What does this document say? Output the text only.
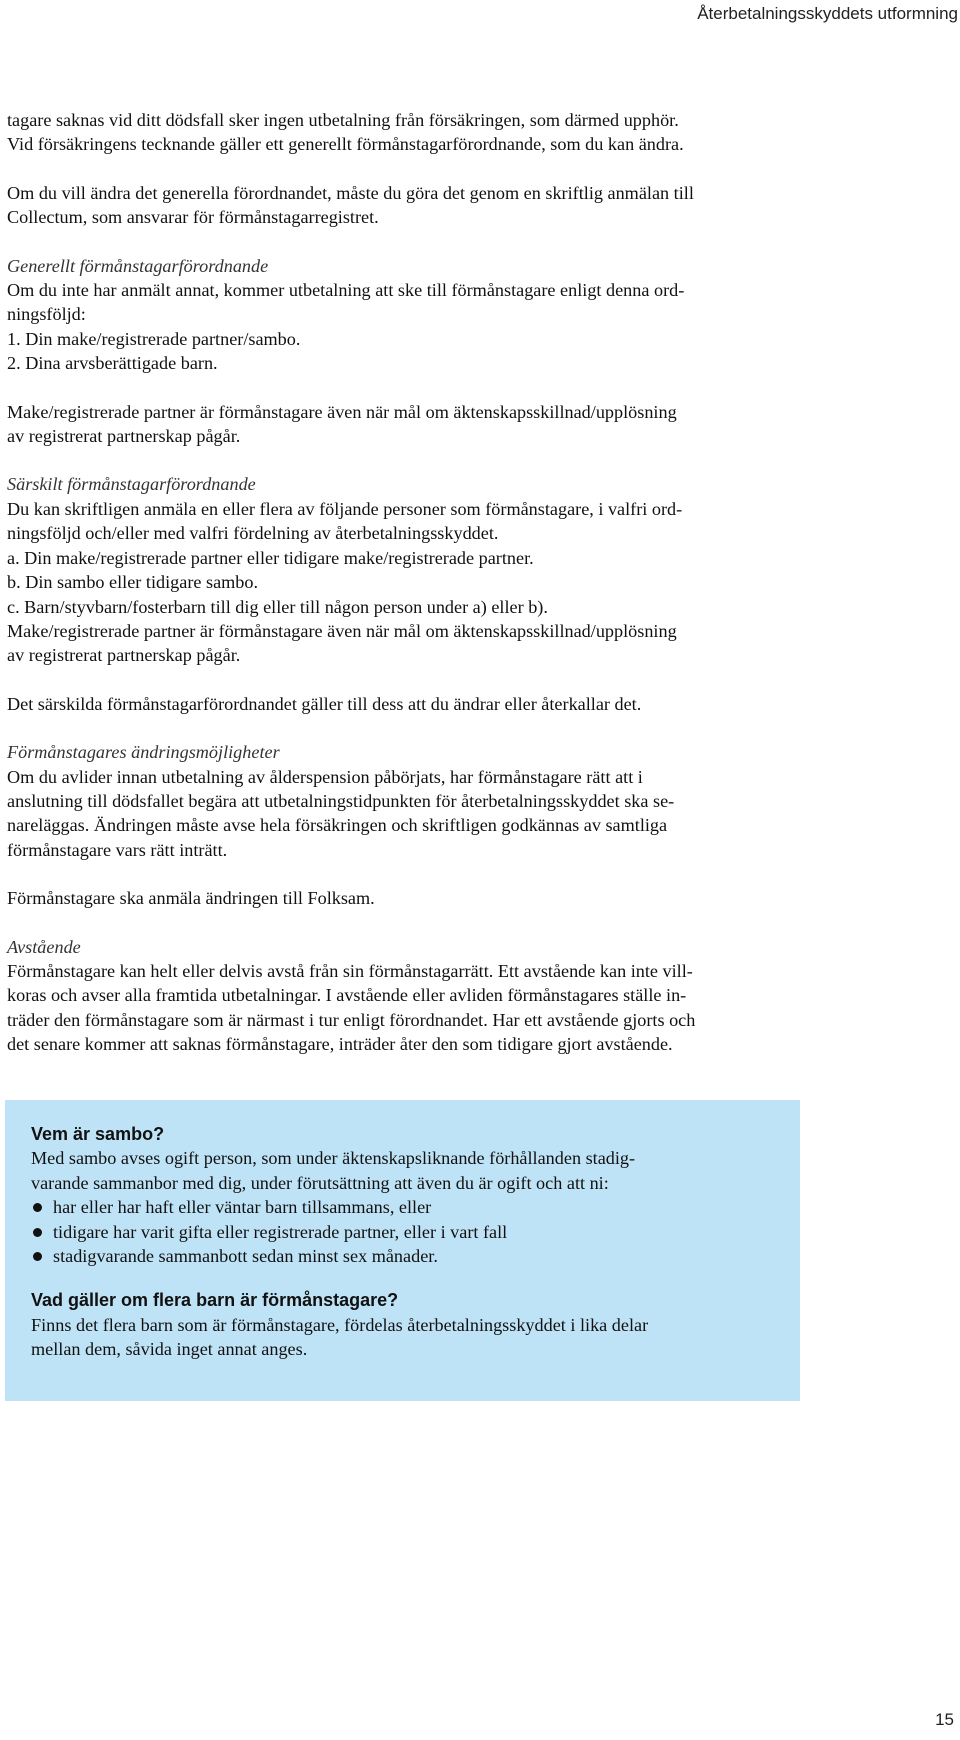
Återbetalningsskyddets utformning

tagare saknas vid ditt dödsfall sker ingen utbetalning från försäkringen, som därmed upphör.

Vid försäkringens tecknande gäller ett generellt förmånstagarförordnande, som du kan ändra.

Om du vill ändra det generella förordnandet, måste du göra det genom en skriftlig anmälan till

Collectum, som ansvarar för förmånstagarregistret.

Generellt förmånstagarförordnande

Om du inte har anmält annat, kommer utbetalning att ske till förmånstagare enligt denna ord-

ningsföljd:

1. Din make/registrerade partner/sambo.

2. Dina arvsberättigade barn.

Make/registrerade partner är förmånstagare även när mål om äktenskapsskillnad/upplösning

av registrerat partnerskap pågår.

Särskilt förmånstagarförordnande

Du kan skriftligen anmäla en eller flera av följande personer som förmånstagare, i valfri ord-

ningsföljd och/eller med valfri fördelning av återbetalningsskyddet.

a. Din make/registrerade partner eller tidigare make/registrerade partner.

b. Din sambo eller tidigare sambo.

c. Barn/styvbarn/fosterbarn till dig eller till någon person under a) eller b).

Make/registrerade partner är förmånstagare även när mål om äktenskapsskillnad/upplösning

av registrerat partnerskap pågår.

Det särskilda förmånstagarförordnandet gäller till dess att du ändrar eller återkallar det.

Förmånstagares ändringsmöjligheter

Om du avlider innan utbetalning av ålderspension påbörjats, har förmånstagare rätt att i

anslutning till dödsfallet begära att utbetalningstidpunkten för återbetalningsskyddet ska se-

nareläggas. Ändringen måste avse hela försäkringen och skriftligen godkännas av samtliga

förmånstagare vars rätt inträtt.

Förmånstagare ska anmäla ändringen till Folksam.

Avstående

Förmånstagare kan helt eller delvis avstå från sin förmånstagarrätt. Ett avstående kan inte vill-

koras och avser alla framtida utbetalningar. I avstående eller avliden förmånstagares ställe in-

träder den förmånstagare som är närmast i tur enligt förordnandet. Har ett avstående gjorts och

det senare kommer att saknas förmånstagare, inträder åter den som tidigare gjort avstående.

Vem är sambo?

Med sambo avses ogift person, som under äktenskapsliknande förhållanden stadig-

varande sammanbor med dig, under förutsättning att även du är ogift och att ni:

har eller har haft eller väntar barn tillsammans, eller
tidigare har varit gifta eller registrerade partner, eller i vart fall
stadigvarande sammanbott sedan minst sex månader.
Vad gäller om flera barn är förmånstagare?

Finns det flera barn som är förmånstagare, fördelas återbetalningsskyddet i lika delar

mellan dem, såvida inget annat anges.

15
